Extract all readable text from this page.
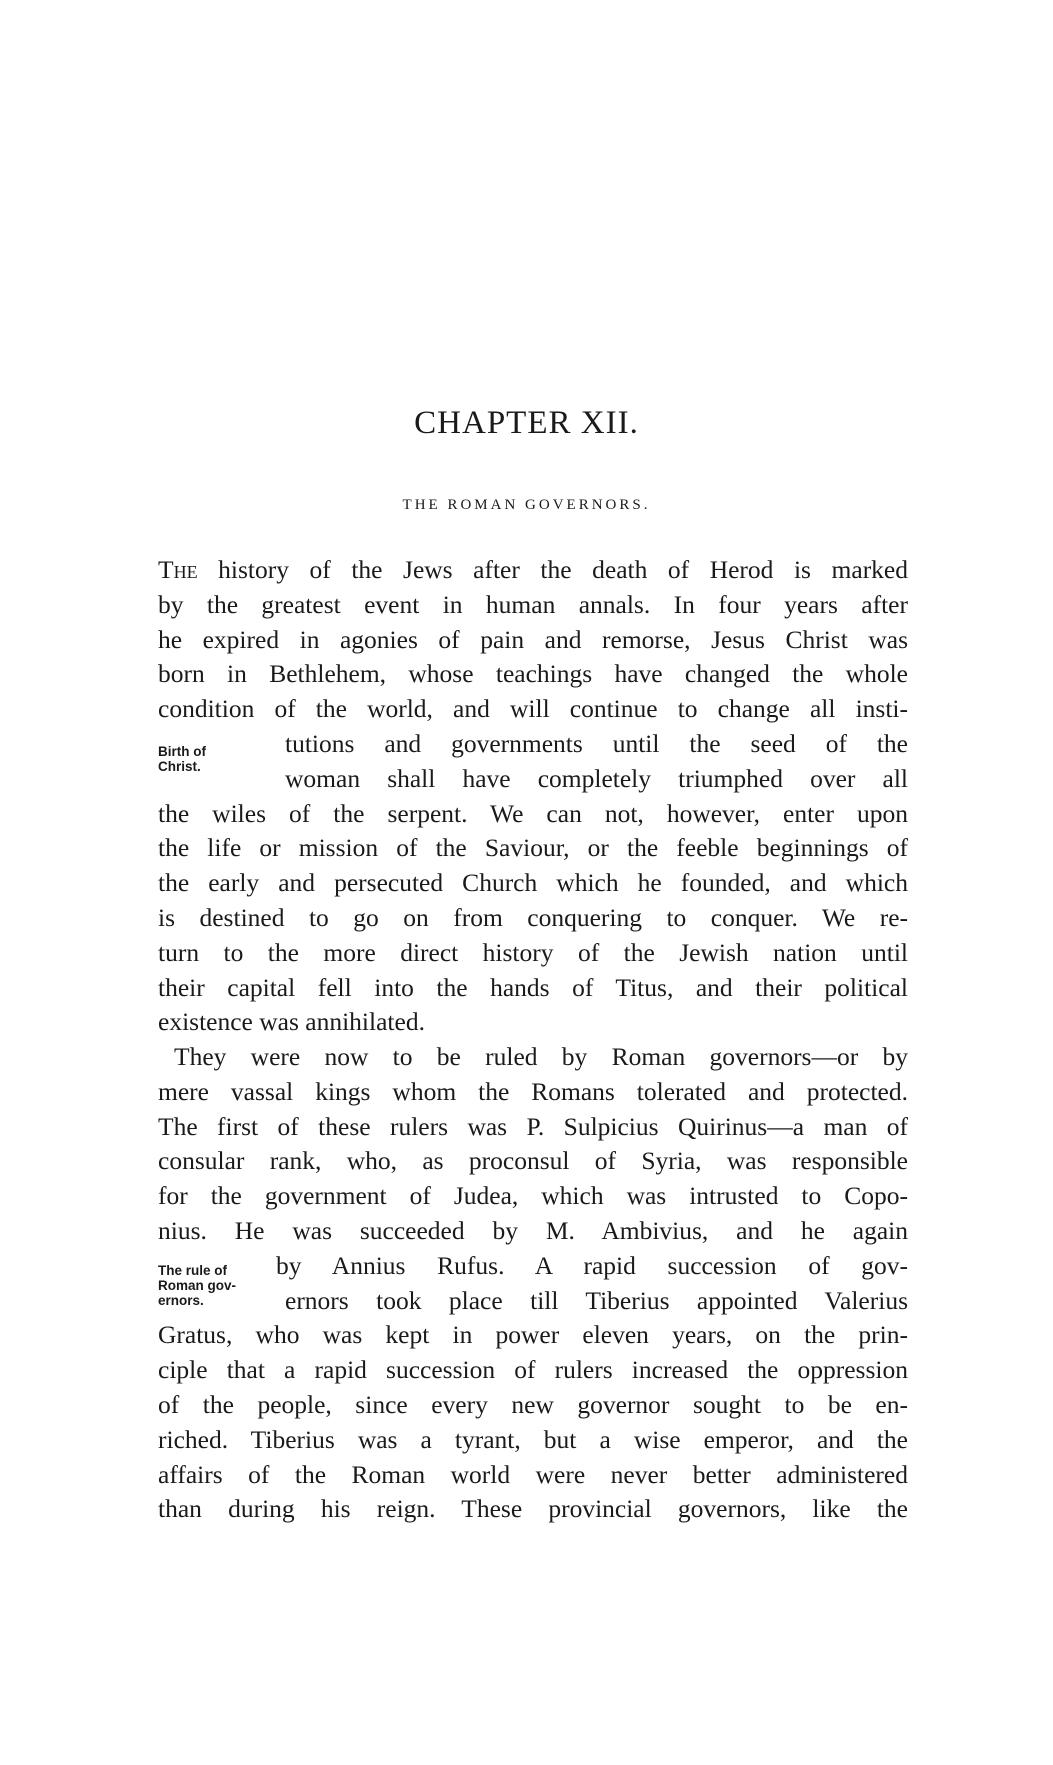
CHAPTER XII.
THE ROMAN GOVERNORS.
Birth of
Christ.
The rule of
Roman gov-
ernors.
The history of the Jews after the death of Herod is marked
by the greatest event in human annals. In four years after
he expired in agonies of pain and remorse, Jesus Christ was
born in Bethlehem, whose teachings have changed the whole
condition of the world, and will continue to change all insti-
tutions and governments until the seed of the
woman shall have completely triumphed over all
the wiles of the serpent. We can not, however, enter upon
the life or mission of the Saviour, or the feeble beginnings of
the early and persecuted Church which he founded, and which
is destined to go on from conquering to conquer. We re-
turn to the more direct history of the Jewish nation until
their capital fell into the hands of Titus, and their political
existence was annihilated.
They were now to be ruled by Roman governors—or by
mere vassal kings whom the Romans tolerated and protected.
The first of these rulers was P. Sulpicius Quirinus—a man of
consular rank, who, as proconsul of Syria, was responsible
for the government of Judea, which was intrusted to Copo-
nius. He was succeeded by M. Ambivius, and he again
by Annius Rufus. A rapid succession of gov-
ernors took place till Tiberius appointed Valerius
Gratus, who was kept in power eleven years, on the prin-
ciple that a rapid succession of rulers increased the oppression
of the people, since every new governor sought to be en-
riched. Tiberius was a tyrant, but a wise emperor, and the
affairs of the Roman world were never better administered
than during his reign. These provincial governors, like the
